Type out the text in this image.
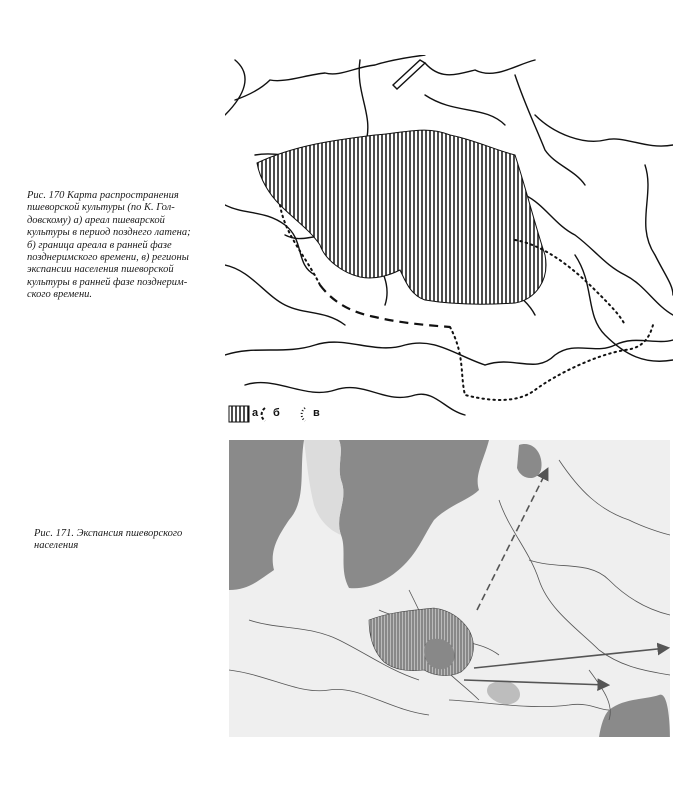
Рис. 170 Карта распространения
пшеворской культуры (по К. Гол-
довскому) а) ареал пшеварской
культуры в период позднего латена;
б) граница ареала в ранней фазе
позднеримского времени, в) регионы
экспансии населения пшеворской
культуры в ранней фазе позднерим-
ского времени.
Рис. 171. Экспансия пшеворского
населения
а б	в
